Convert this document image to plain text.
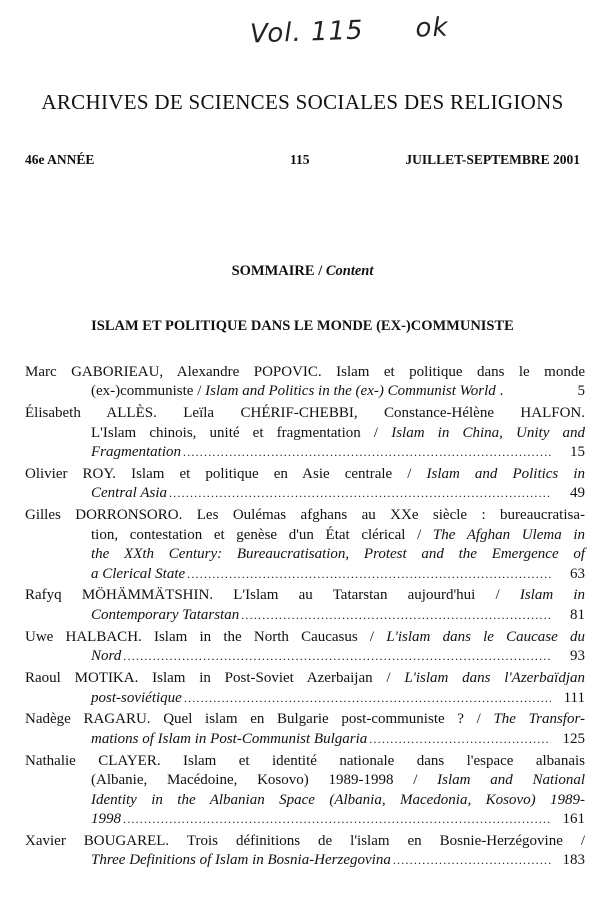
Vol. 115 ok
ARCHIVES DE SCIENCES SOCIALES DES RELIGIONS
46e ANNÉE	115	JUILLET-SEPTEMBRE 2001
SOMMAIRE / Content
ISLAM ET POLITIQUE DANS LE MONDE (EX-)COMMUNISTE
Marc GABORIEAU, Alexandre POPOVIC. Islam et politique dans le monde
(ex-)communiste / Islam and Politics in the (ex-) Communist World .	5
Élisabeth ALLÈS. Leïla CHÉRIF-CHEBBI, Constance-Hélène HALFON.
L'Islam chinois, unité et fragmentation / Islam in China, Unity and
Fragmentation .....	15
Olivier ROY. Islam et politique en Asie centrale / Islam and Politics in
Central Asia .....	49
Gilles DORRONSORO. Les Oulémas afghans au XXe siècle : bureaucratisa-
tion, contestation et genèse d'un État clérical / The Afghan Ulema in
the XXth Century: Bureaucratisation, Protest and the Emergence of
a Clerical State .....	63
Rafyq MÖHÄMMÄTSHIN. L'Islam au Tatarstan aujourd'hui / Islam in
Contemporary Tatarstan .....	81
Uwe HALBACH. Islam in the North Caucasus / L'islam dans le Caucase du
Nord .....	93
Raoul MOTIKA. Islam in Post-Soviet Azerbaijan / L'islam dans l'Azerbaïdjan
post-soviétique .....	111
Nadège RAGARU. Quel islam en Bulgarie post-communiste ? / The Transfor-
mations of Islam in Post-Communist Bulgaria .....	125
Nathalie CLAYER. Islam et identité nationale dans l'espace albanais
(Albanie, Macédoine, Kosovo) 1989-1998 / Islam and National
Identity in the Albanian Space (Albania, Macedonia, Kosovo) 1989-
1998 .....	161
Xavier BOUGAREL. Trois définitions de l'islam en Bosnie-Herzégovine /
Three Definitions of Islam in Bosnia-Herzegovina .....	183
